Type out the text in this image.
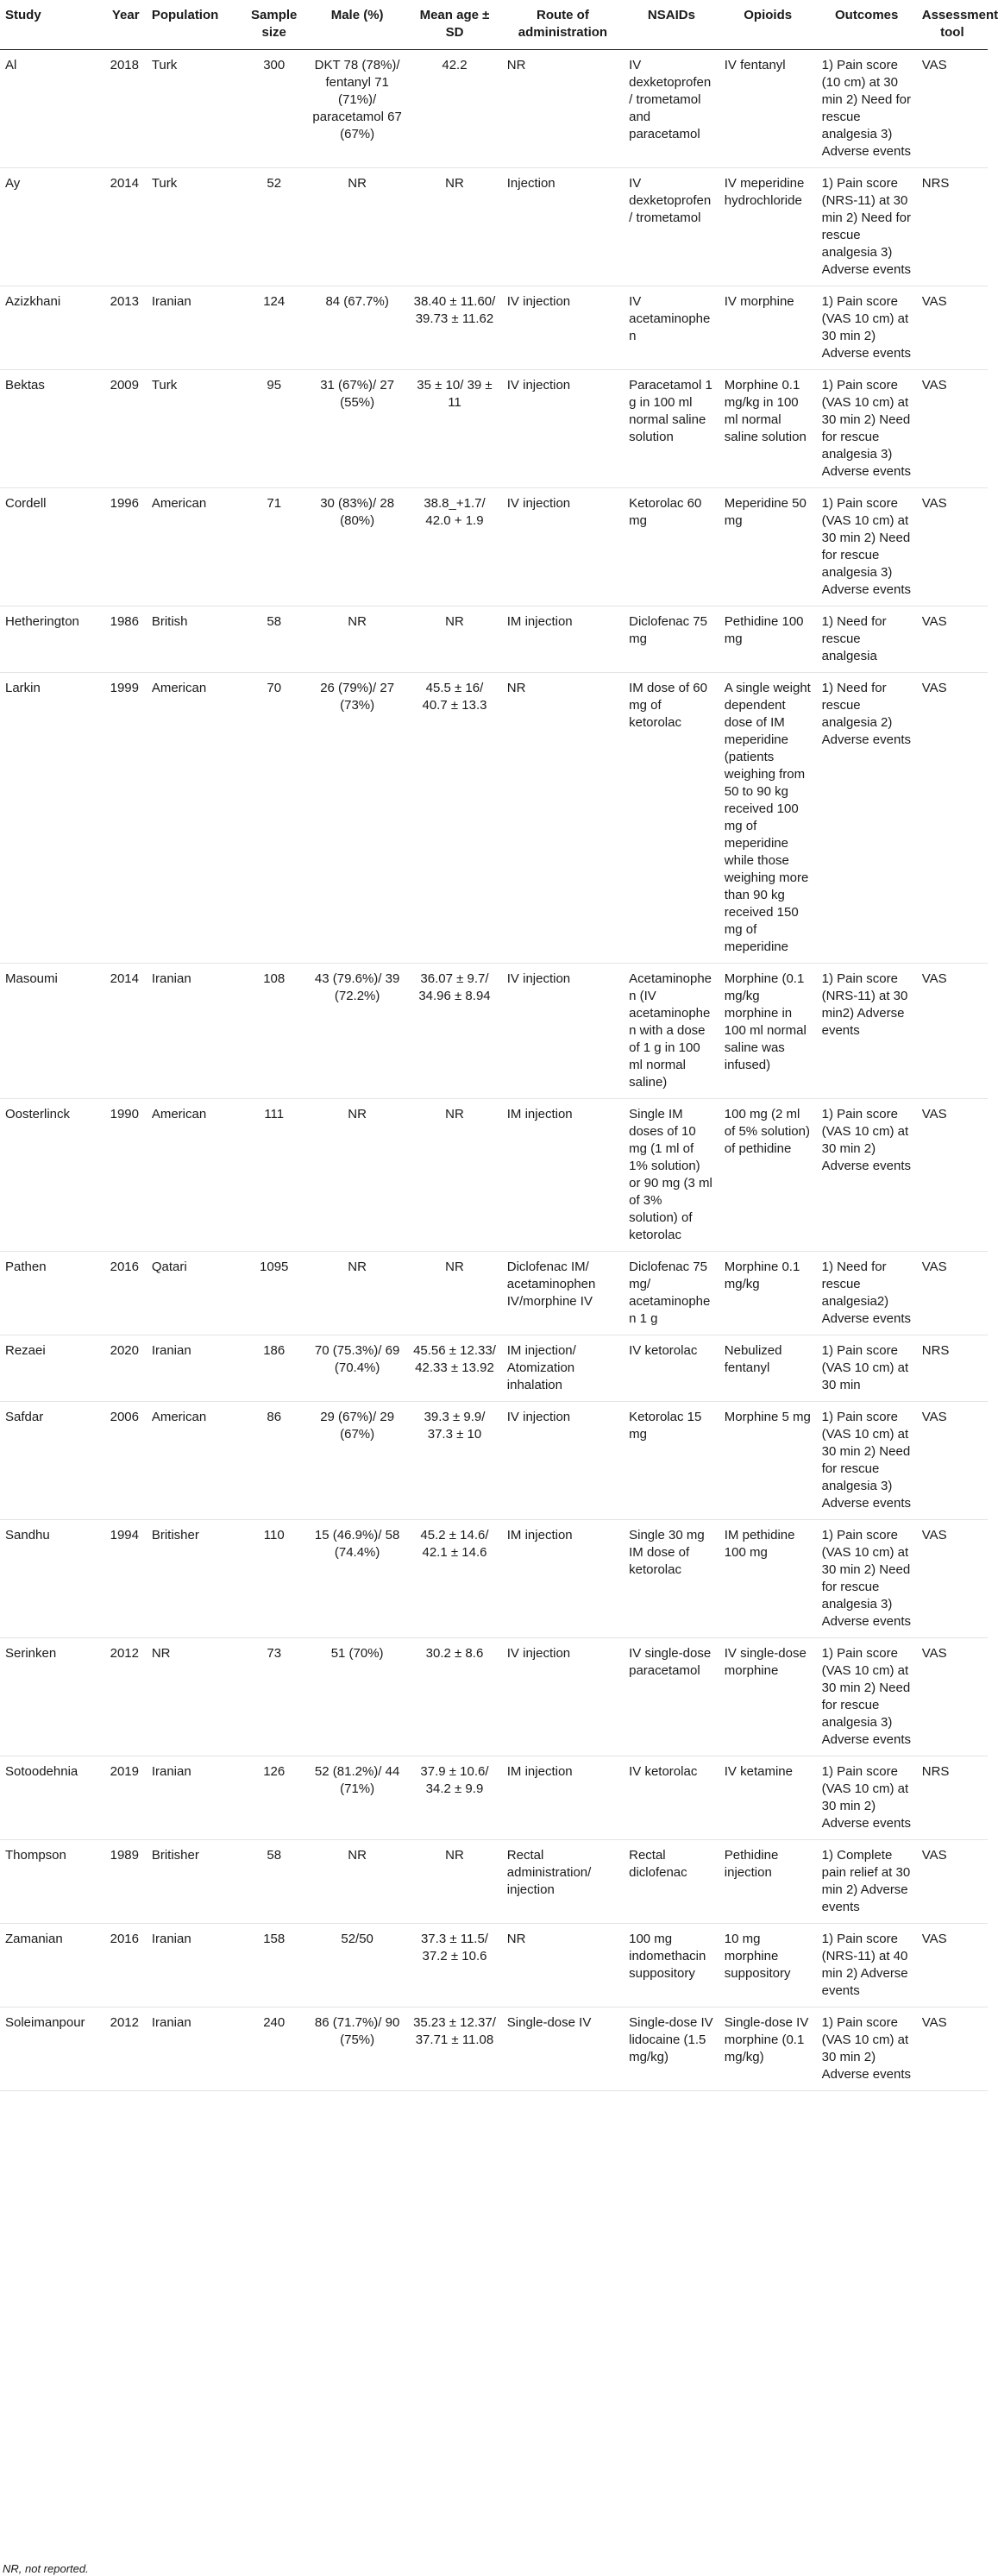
Study	Year	Population	Sample size	Male (%)	Mean age ± SD	Route of administration	NSAIDs	Opioids	Outcomes	Assessment tool
Al	2018	Turk	300	DKT 78 (78%)/ fentanyl 71 (71%)/ paracetamol 67 (67%)	42.2	NR	IV dexketoprofen/ trometamol and paracetamol	IV fentanyl	1) Pain score (10 cm) at 30 min 2) Need for rescue analgesia 3) Adverse events	VAS
Ay	2014	Turk	52	NR	NR	Injection	IV dexketoprofen/ trometamol	IV meperidine hydrochloride	1) Pain score (NRS-11) at 30 min 2) Need for rescue analgesia 3) Adverse events	NRS
Azizkhani	2013	Iranian	124	84 (67.7%)	38.40 ± 11.60/ 39.73 ± 11.62	IV injection	IV acetaminophen	IV morphine	1) Pain score (VAS 10 cm) at 30 min 2) Adverse events	VAS
Bektas	2009	Turk	95	31 (67%)/ 27 (55%)	35 ± 10/ 39 ± 11	IV injection	Paracetamol 1 g in 100 ml normal saline solution	Morphine 0.1 mg/kg in 100 ml normal saline solution	1) Pain score (VAS 10 cm) at 30 min 2) Need for rescue analgesia 3) Adverse events	VAS
Cordell	1996	American	71	30 (83%)/ 28 (80%)	38.8_+1.7/ 42.0 + 1.9	IV injection	Ketorolac 60 mg	Meperidine 50 mg	1) Pain score (VAS 10 cm) at 30 min 2) Need for rescue analgesia 3) Adverse events	VAS
Hetherington	1986	British	58	NR	NR	IM injection	Diclofenac 75 mg	Pethidine 100 mg	1) Need for rescue analgesia	VAS
Larkin	1999	American	70	26 (79%)/ 27 (73%)	45.5 ± 16/ 40.7 ± 13.3	NR	IM dose of 60 mg of ketorolac	A single weight dependent dose of IM meperidine (patients weighing from 50 to 90 kg received 100 mg of meperidine while those weighing more than 90 kg received 150 mg of meperidine	1) Need for rescue analgesia 2) Adverse events	VAS
Masoumi	2014	Iranian	108	43 (79.6%)/ 39 (72.2%)	36.07 ± 9.7/ 34.96 ± 8.94	IV injection	Acetaminophen (IV acetaminophen with a dose of 1 g in 100 ml normal saline)	Morphine (0.1 mg/kg morphine in 100 ml normal saline was infused)	1) Pain score (NRS-11) at 30 min2) Adverse events	VAS
Oosterlinck	1990	American	111	NR	NR	IM injection	Single IM doses of 10 mg (1 ml of 1% solution) or 90 mg (3 ml of 3% solution) of ketorolac	100 mg (2 ml of 5% solution) of pethidine	1) Pain score (VAS 10 cm) at 30 min 2) Adverse events	VAS
Pathen	2016	Qatari	1095	NR	NR	Diclofenac IM/ acetaminophen IV/morphine IV	Diclofenac 75 mg/ acetaminophen 1 g	Morphine 0.1 mg/kg	1) Need for rescue analgesia2) Adverse events	VAS
Rezaei	2020	Iranian	186	70 (75.3%)/ 69 (70.4%)	45.56 ± 12.33/ 42.33 ± 13.92	IM injection/ Atomization inhalation	IV ketorolac	Nebulized fentanyl	1) Pain score (VAS 10 cm) at 30 min	NRS
Safdar	2006	American	86	29 (67%)/ 29 (67%)	39.3 ± 9.9/ 37.3 ± 10	IV injection	Ketorolac 15 mg	Morphine 5 mg	1) Pain score (VAS 10 cm) at 30 min 2) Need for rescue analgesia 3) Adverse events	VAS
Sandhu	1994	Britisher	110	15 (46.9%)/ 58 (74.4%)	45.2 ± 14.6/ 42.1 ± 14.6	IM injection	Single 30 mg IM dose of ketorolac	IM pethidine 100 mg	1) Pain score (VAS 10 cm) at 30 min 2) Need for rescue analgesia 3) Adverse events	VAS
Serinken	2012	NR	73	51 (70%)	30.2 ± 8.6	IV injection	IV single-dose paracetamol	IV single-dose morphine	1) Pain score (VAS 10 cm) at 30 min 2) Need for rescue analgesia 3) Adverse events	VAS
Sotoodehnia	2019	Iranian	126	52 (81.2%)/ 44 (71%)	37.9 ± 10.6/ 34.2 ± 9.9	IM injection	IV ketorolac	IV ketamine	1) Pain score (VAS 10 cm) at 30 min 2) Adverse events	NRS
Thompson	1989	Britisher	58	NR	NR	Rectal administration/ injection	Rectal diclofenac	Pethidine injection	1) Complete pain relief at 30 min 2) Adverse events	VAS
Zamanian	2016	Iranian	158	52/50	37.3 ± 11.5/ 37.2 ± 10.6	NR	100 mg indomethacin suppository	10 mg morphine suppository	1) Pain score (NRS-11) at 40 min 2) Adverse events	VAS
Soleimanpour	2012	Iranian	240	86 (71.7%)/ 90 (75%)	35.23 ± 12.37/ 37.71 ± 11.08	Single-dose IV	Single-dose IV lidocaine (1.5 mg/kg)	Single-dose IV morphine (0.1 mg/kg)	1) Pain score (VAS 10 cm) at 30 min 2) Adverse events	VAS
NR, not reported.
